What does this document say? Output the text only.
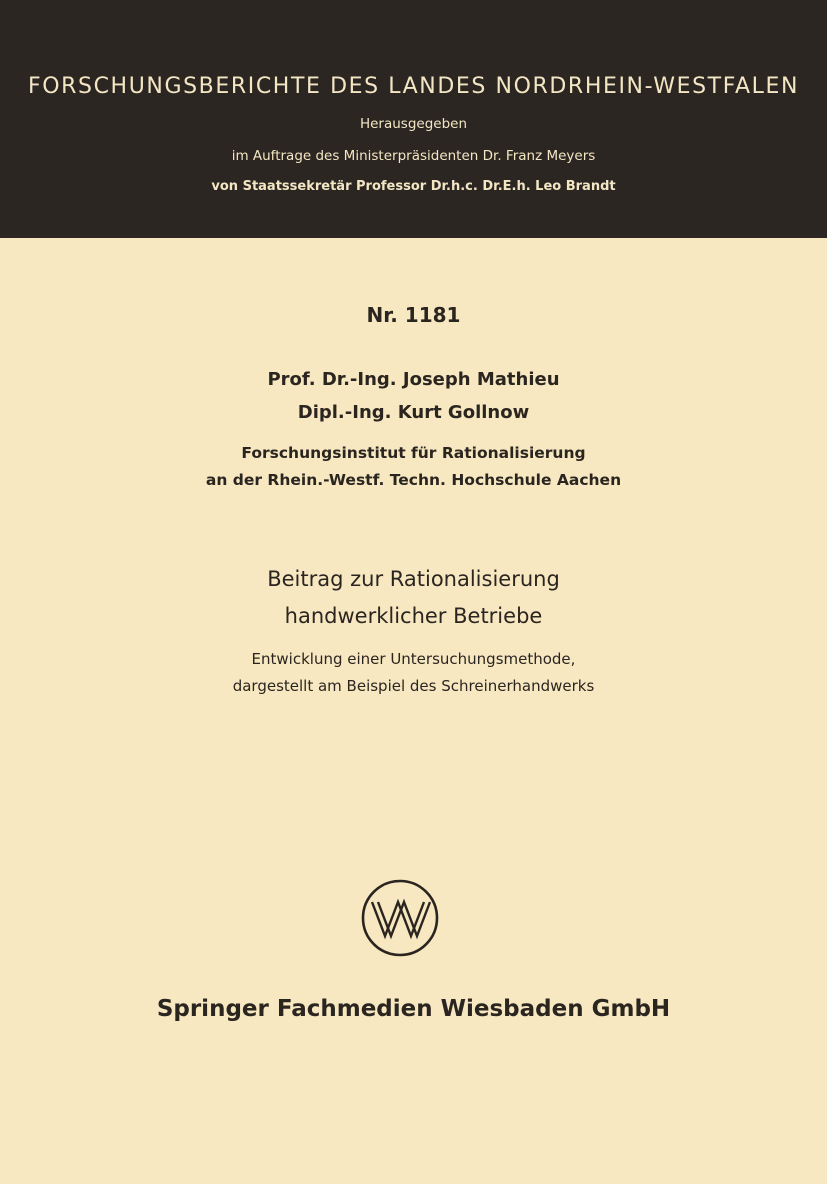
FORSCHUNGSBERICHTE DES LANDES NORDRHEIN-WESTFALEN
Herausgegeben
im Auftrage des Ministerpräsidenten Dr. Franz Meyers
von Staatssekretär Professor Dr.h.c. Dr.E.h. Leo Brandt
Nr. 1181
Prof. Dr.-Ing. Joseph Mathieu
Dipl.-Ing. Kurt Gollnow
Forschungsinstitut für Rationalisierung
an der Rhein.-Westf. Techn. Hochschule Aachen
Beitrag zur Rationalisierung
handwerklicher Betriebe
Entwicklung einer Untersuchungsmethode,
dargestellt am Beispiel des Schreinerhandwerks
Springer Fachmedien Wiesbaden GmbH
